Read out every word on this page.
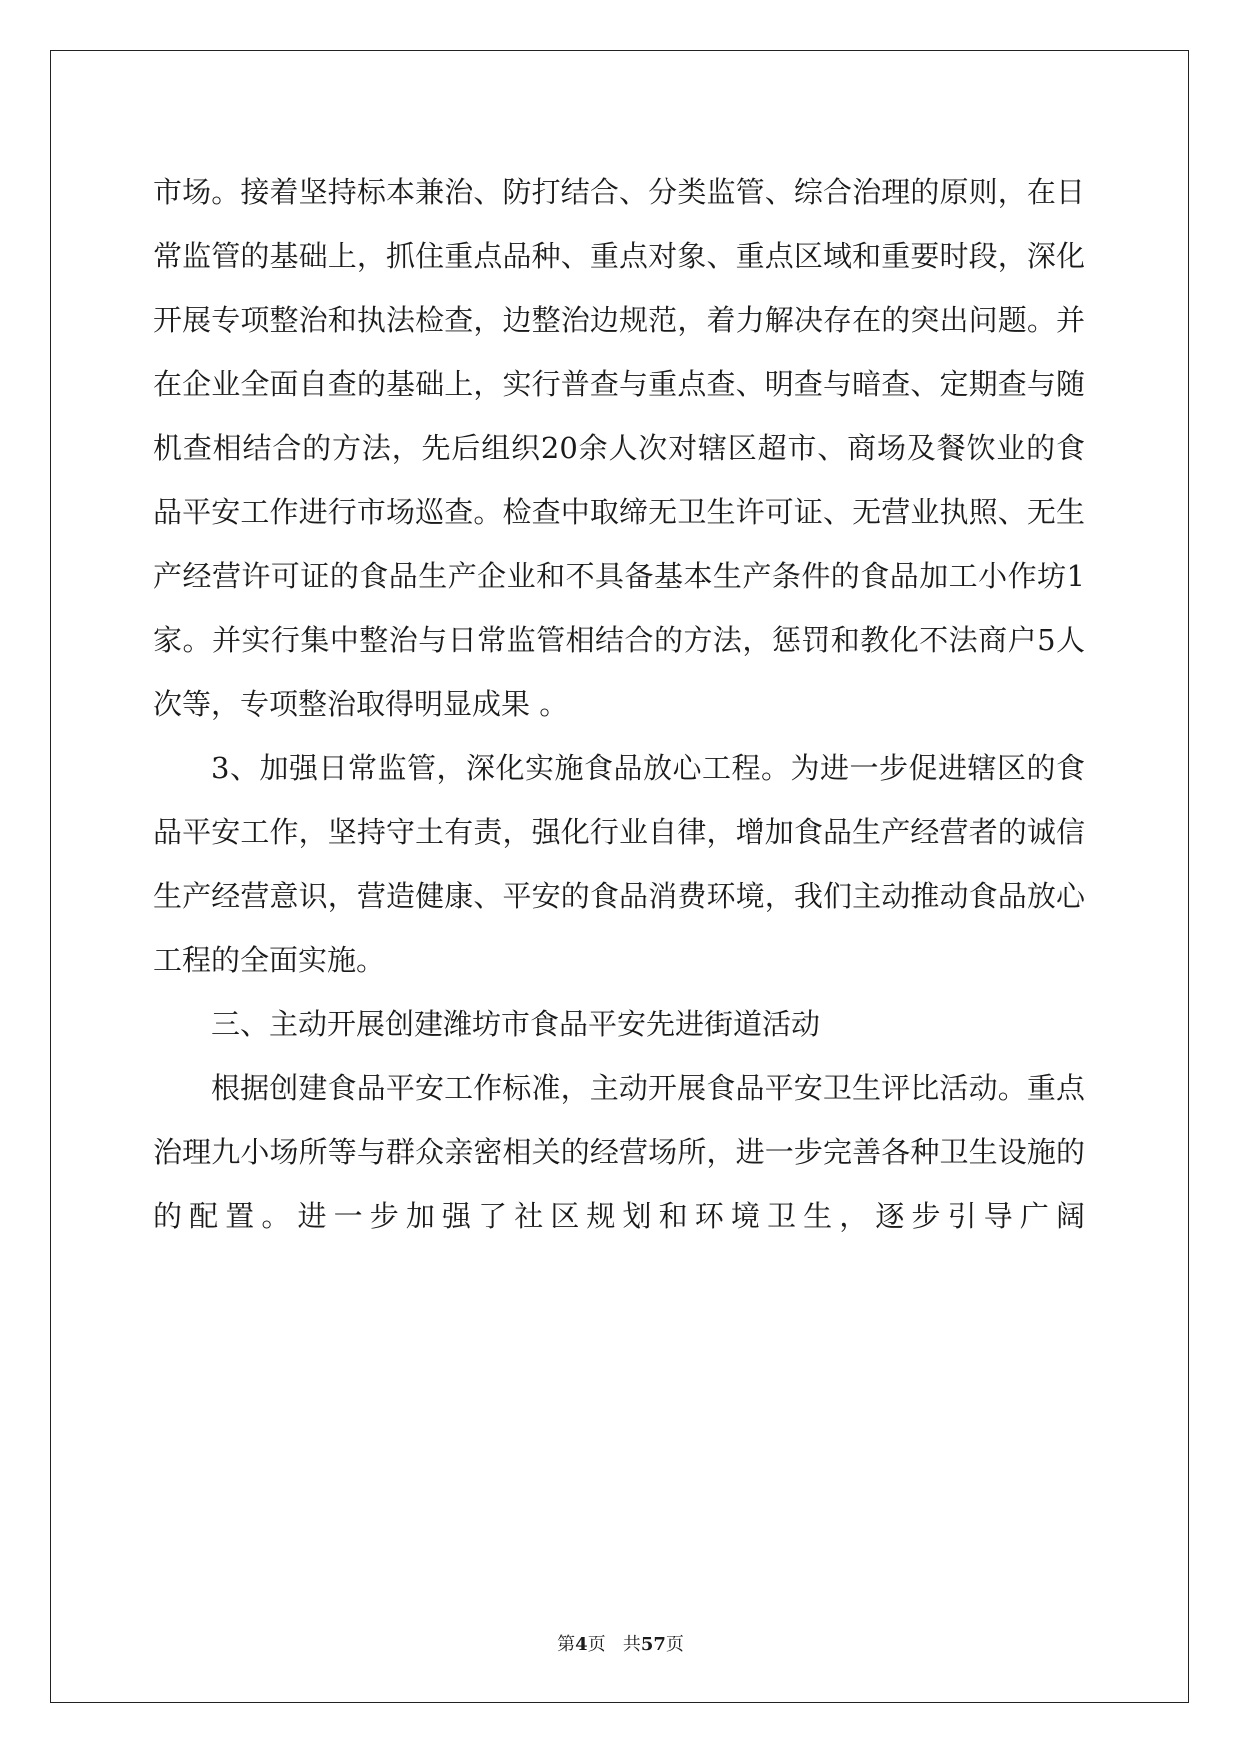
市场。接着坚持标本兼治、防打结合、分类监管、综合治理的原则，在日常监管的基础上，抓住重点品种、重点对象、重点区域和重要时段，深化开展专项整治和执法检查，边整治边规范，着力解决存在的突出问题。并在企业全面自查的基础上，实行普查与重点查、明查与暗查、定期查与随机查相结合的方法，先后组织20余人次对辖区超市、商场及餐饮业的食品平安工作进行市场巡查。检查中取缔无卫生许可证、无营业执照、无生产经营许可证的食品生产企业和不具备基本生产条件的食品加工小作坊1家。并实行集中整治与日常监管相结合的方法，惩罚和教化不法商户5人次等，专项整治取得明显成果 。

3、加强日常监管，深化实施食品放心工程。为进一步促进辖区的食品平安工作，坚持守土有责，强化行业自律，增加食品生产经营者的诚信生产经营意识，营造健康、平安的食品消费环境，我们主动推动食品放心工程的全面实施。

三、主动开展创建潍坊市食品平安先进街道活动

根据创建食品平安工作标准，主动开展食品平安卫生评比活动。重点治理九小场所等与群众亲密相关的经营场所，进一步完善各种卫生设施的的配置。进一步加强了社区规划和环境卫生，逐步引导广阔

第4页 共57页
